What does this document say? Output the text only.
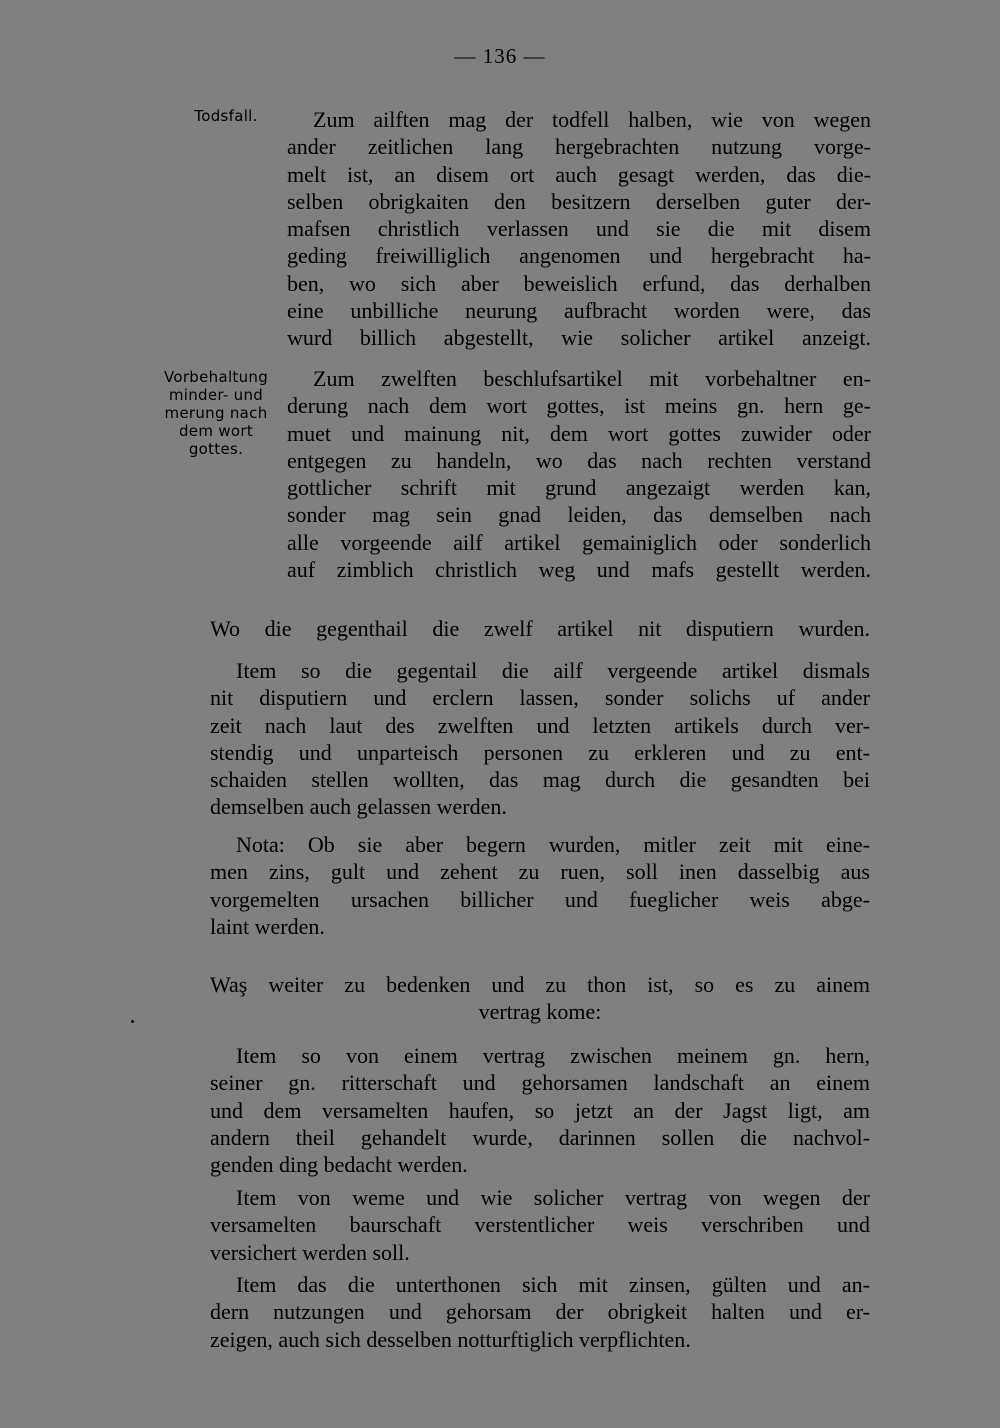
— 136 —
Todsfall.
Vorbehaltung
minder- und
merung nach
dem wort
gottes.
Zum ailften mag der todfell halben, wie von wegen
ander zeitlichen lang hergebrachten nutzung vorge-
melt ist, an disem ort auch gesagt werden, das die-
selben obrigkaiten den besitzern derselben guter der-
mafsen christlich verlassen und sie die mit disem
geding freiwilliglich angenomen und hergebracht ha-
ben, wo sich aber beweislich erfund, das derhalben
eine unbilliche neurung aufbracht worden were, das
wurd billich abgestellt, wie solicher artikel anzeigt.
Zum zwelften beschlufsartikel mit vorbehaltner en-
derung nach dem wort gottes, ist meins gn. hern ge-
muet und mainung nit, dem wort gottes zuwider oder
entgegen zu handeln, wo das nach rechten verstand
gottlicher schrift mit grund angezaigt werden kan,
sonder mag sein gnad leiden, das demselben nach
alle vorgeende ailf artikel gemainiglich oder sonderlich
auf zimblich christlich weg und mafs gestellt werden.
Wo die gegenthail die zwelf artikel nit disputiern wurden.
Item so die gegentail die ailf vergeende artikel dismals
nit disputiern und erclern lassen, sonder solichs uf ander
zeit nach laut des zwelften und letzten artikels durch ver-
stendig und unparteisch personen zu erkleren und zu ent-
schaiden stellen wollten, das mag durch die gesandten bei
demselben auch gelassen werden.
Nota: Ob sie aber begern wurden, mitler zeit mit eine-
men zins, gult und zehent zu ruen, soll inen dasselbig aus
vorgemelten ursachen billicher und fueglicher weis abge-
laint werden.
Waş weiter zu bedenken und zu thon ist, so es zu ainem
vertrag kome:
Item so von einem vertrag zwischen meinem gn. hern,
seiner gn. ritterschaft und gehorsamen landschaft an einem
und dem versamelten haufen, so jetzt an der Jagst ligt, am
andern theil gehandelt wurde, darinnen sollen die nachvol-
genden ding bedacht werden.
Item von weme und wie solicher vertrag von wegen der
versamelten baurschaft verstentlicher weis verschriben und
versichert werden soll.
Item das die unterthonen sich mit zinsen, gülten und an-
dern nutzungen und gehorsam der obrigkeit halten und er-
zeigen, auch sich desselben notturftiglich verpflichten.
